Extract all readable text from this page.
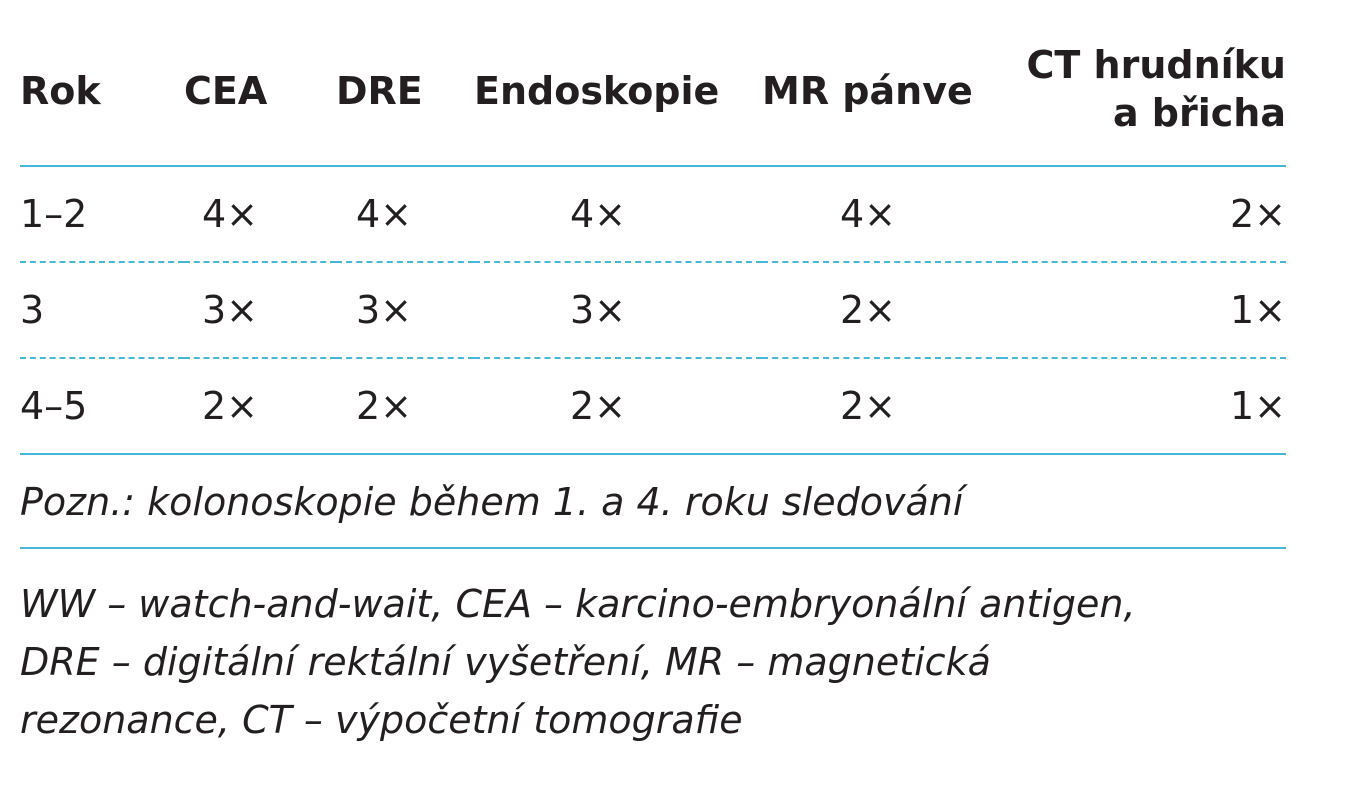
Rok	CEA	DRE	Endoskopie	MR pánve	CT hrudníku
a břicha
1–2	4×	4×	4×	4×	2×
3	3×	3×	3×	2×	1×
4–5	2×	2×	2×	2×	1×
Pozn.: kolonoskopie během 1. a 4. roku sledování
WW – watch-and-wait, CEA – karcino-embryonální antigen,
DRE – digitální rektální vyšetření, MR – magnetická
rezonance, CT – výpočetní tomografie
